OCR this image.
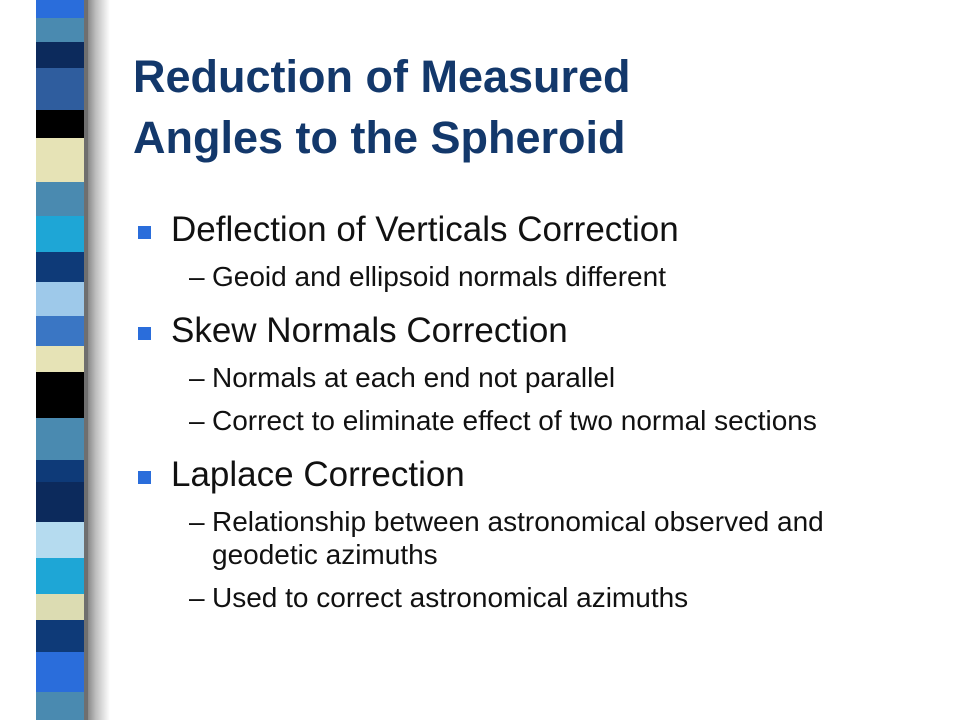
Reduction of Measured
Angles to the Spheroid
Deflection of Verticals Correction
– Geoid and ellipsoid normals different
Skew Normals Correction
– Normals at each end not parallel
– Correct to eliminate effect of two normal sections
Laplace Correction
– Relationship between astronomical observed and geodetic azimuths
– Used to correct astronomical azimuths
